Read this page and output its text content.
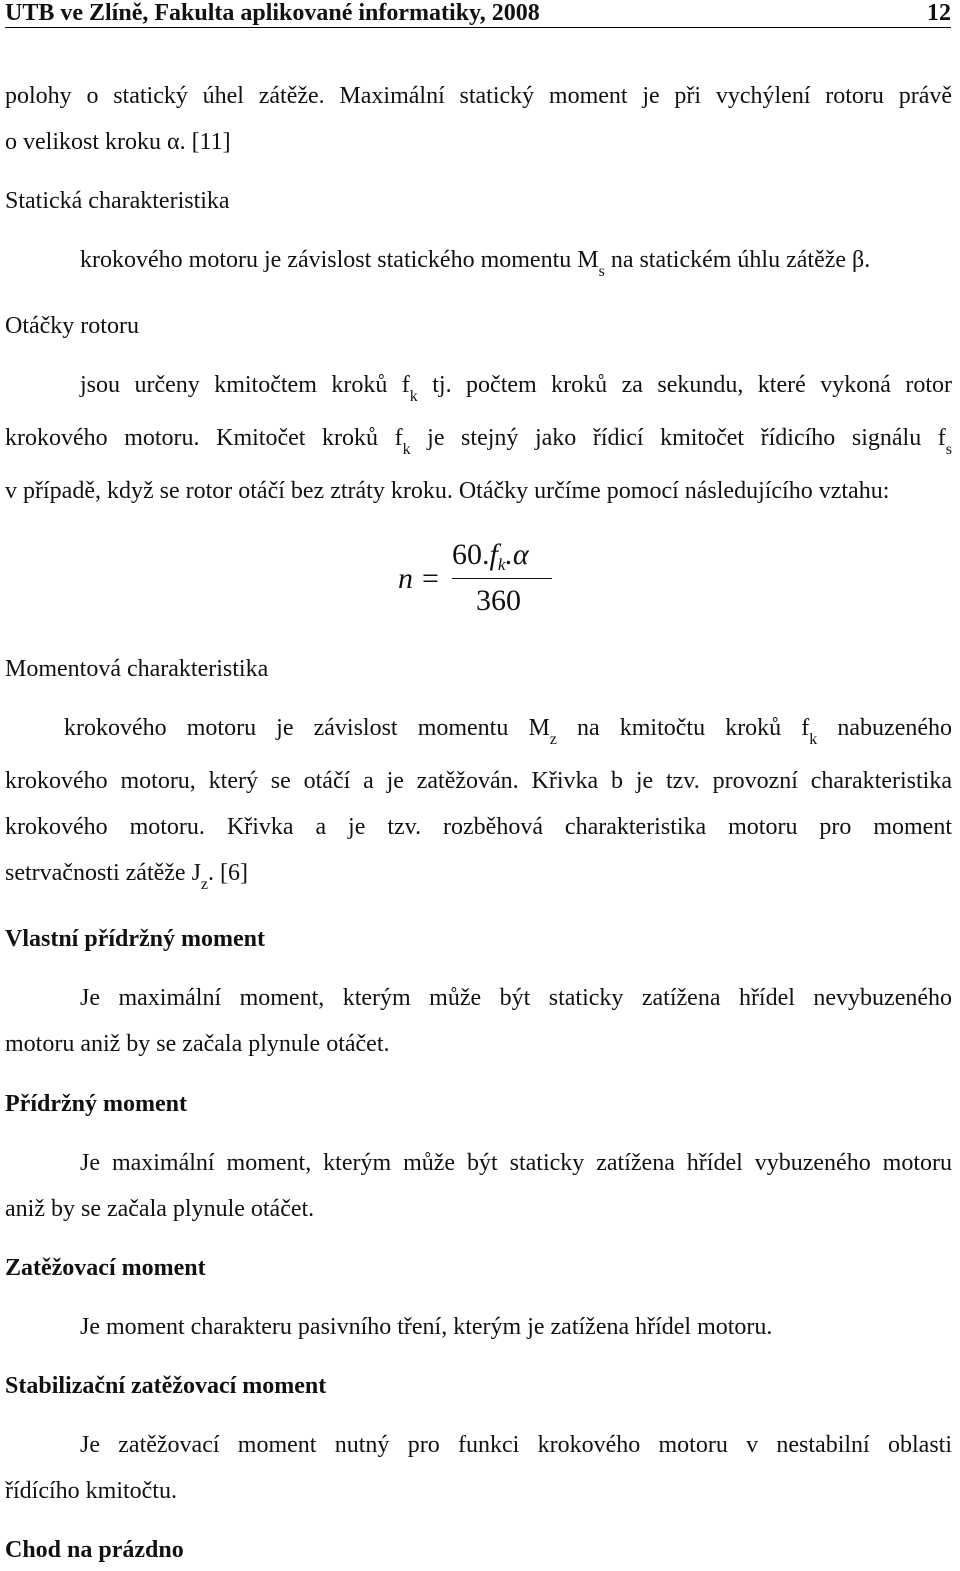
UTB ve Zlíně, Fakulta aplikované informatiky, 2008	12
polohy o statický úhel zátěže. Maximální statický moment je při vychýlení rotoru právě
o velikost kroku α. [11]
Statická charakteristika
krokového motoru je závislost statického momentu $M_s$ na statickém úhlu zátěže β.
Otáčky rotoru
jsou určeny kmitočtem kroků $f_k$ tj. počtem kroků za sekundu, které vykoná rotor
krokového motoru. Kmitočet kroků $f_k$ je stejný jako řídicí kmitočet řídicího signálu $f_s$
v případě, když se rotor otáčí bez ztráty kroku. Otáčky určíme pomocí následujícího vztahu:
n =
$60.f_k.\alpha$
360
Momentová charakteristika
krokového motoru je závislost momentu $M_z$ na kmitočtu kroků $f_k$ nabuzeného
krokového motoru, který se otáčí a je zatěžován. Křivka b je tzv. provozní charakteristika
krokového motoru. Křivka a je tzv. rozběhová charakteristika motoru pro moment
setrvačnosti zátěže $J_z$. [6]
Vlastní přídržný moment
Je maximální moment, kterým může být staticky zatížena hřídel nevybuzeného
motoru aniž by se začala plynule otáčet.
Přídržný moment
Je maximální moment, kterým může být staticky zatížena hřídel vybuzeného motoru
aniž by se začala plynule otáčet.
Zatěžovací moment
Je moment charakteru pasivního tření, kterým je zatížena hřídel motoru.
Stabilizační zatěžovací moment
Je zatěžovací moment nutný pro funkci krokového motoru v nestabilní oblasti
řídícího kmitočtu.
Chod na prázdno
